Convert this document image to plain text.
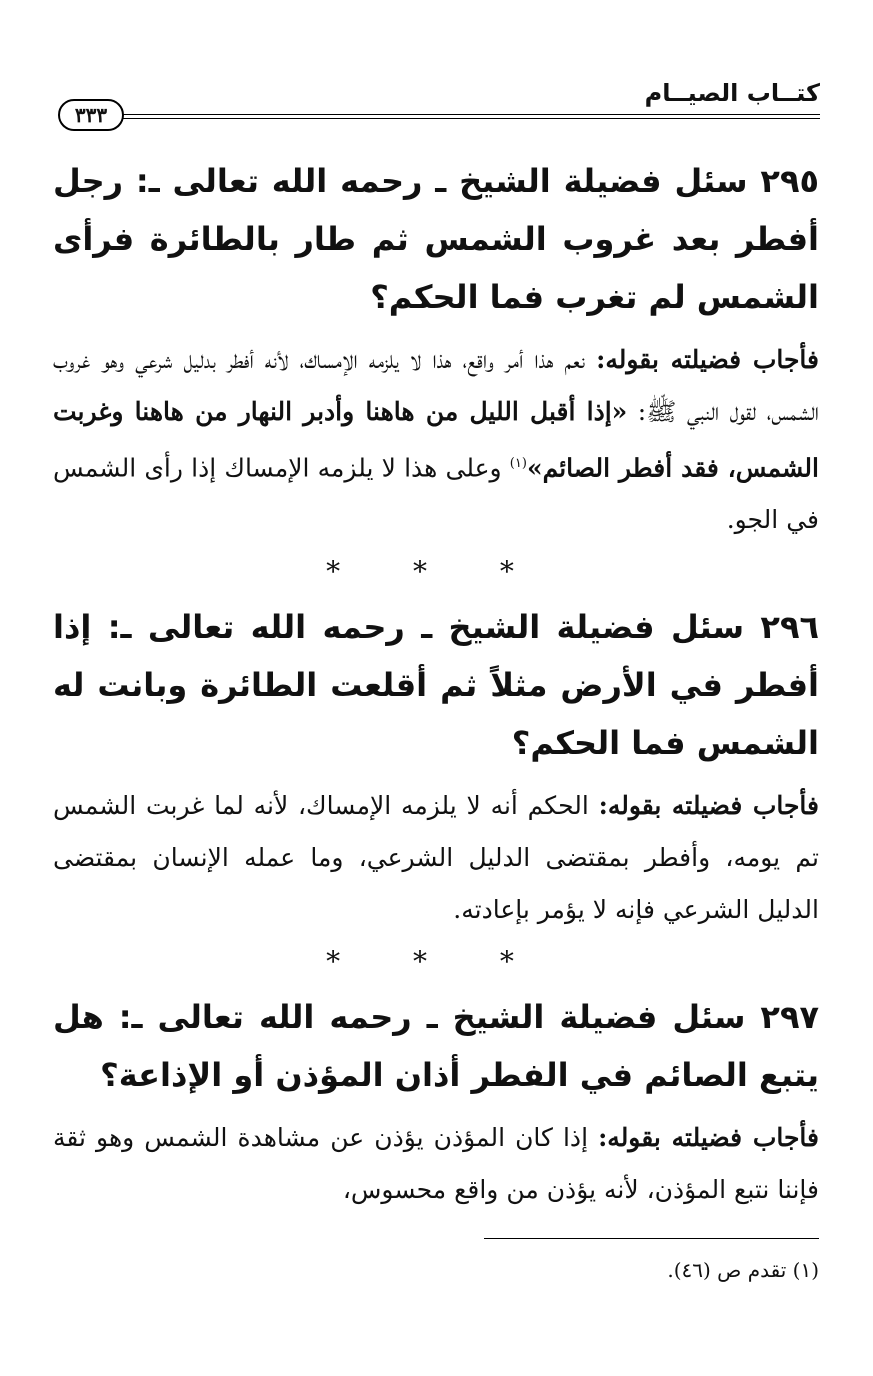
كتــاب الصيــام
٣٣٣

٢٩٥ سئل فضيلة الشيخ ـ رحمه الله تعالى ـ: رجل أفطر بعد غروب الشمس ثم طار بالطائرة فرأى الشمس لم تغرب فما الحكم؟

فأجاب فضيلته بقوله: نعم هذا أمر واقع، هذا لا يلزمه الإمساك، لأنه أفطر بدليل شرعي وهو غروب الشمس، لقول النبي ﷺ: «إذا أقبل الليل من هاهنا وأدبر النهار من هاهنا وغربت الشمس، فقد أفطر الصائم»$^{(١)}$ وعلى هذا لا يلزمه الإمساك إذا رأى الشمس في الجو.

* * *

٢٩٦ سئل فضيلة الشيخ ـ رحمه الله تعالى ـ: إذا أفطر في الأرض مثلاً ثم أقلعت الطائرة وبانت له الشمس فما الحكم؟

فأجاب فضيلته بقوله: الحكم أنه لا يلزمه الإمساك، لأنه لما غربت الشمس تم يومه، وأفطر بمقتضى الدليل الشرعي، وما عمله الإنسان بمقتضى الدليل الشرعي فإنه لا يؤمر بإعادته.

* * *

٢٩٧ سئل فضيلة الشيخ ـ رحمه الله تعالى ـ: هل يتبع الصائم في الفطر أذان المؤذن أو الإذاعة؟

فأجاب فضيلته بقوله: إذا كان المؤذن يؤذن عن مشاهدة الشمس وهو ثقة فإننا نتبع المؤذن، لأنه يؤذن من واقع محسوس،

(١) تقدم ص (٤٦).
